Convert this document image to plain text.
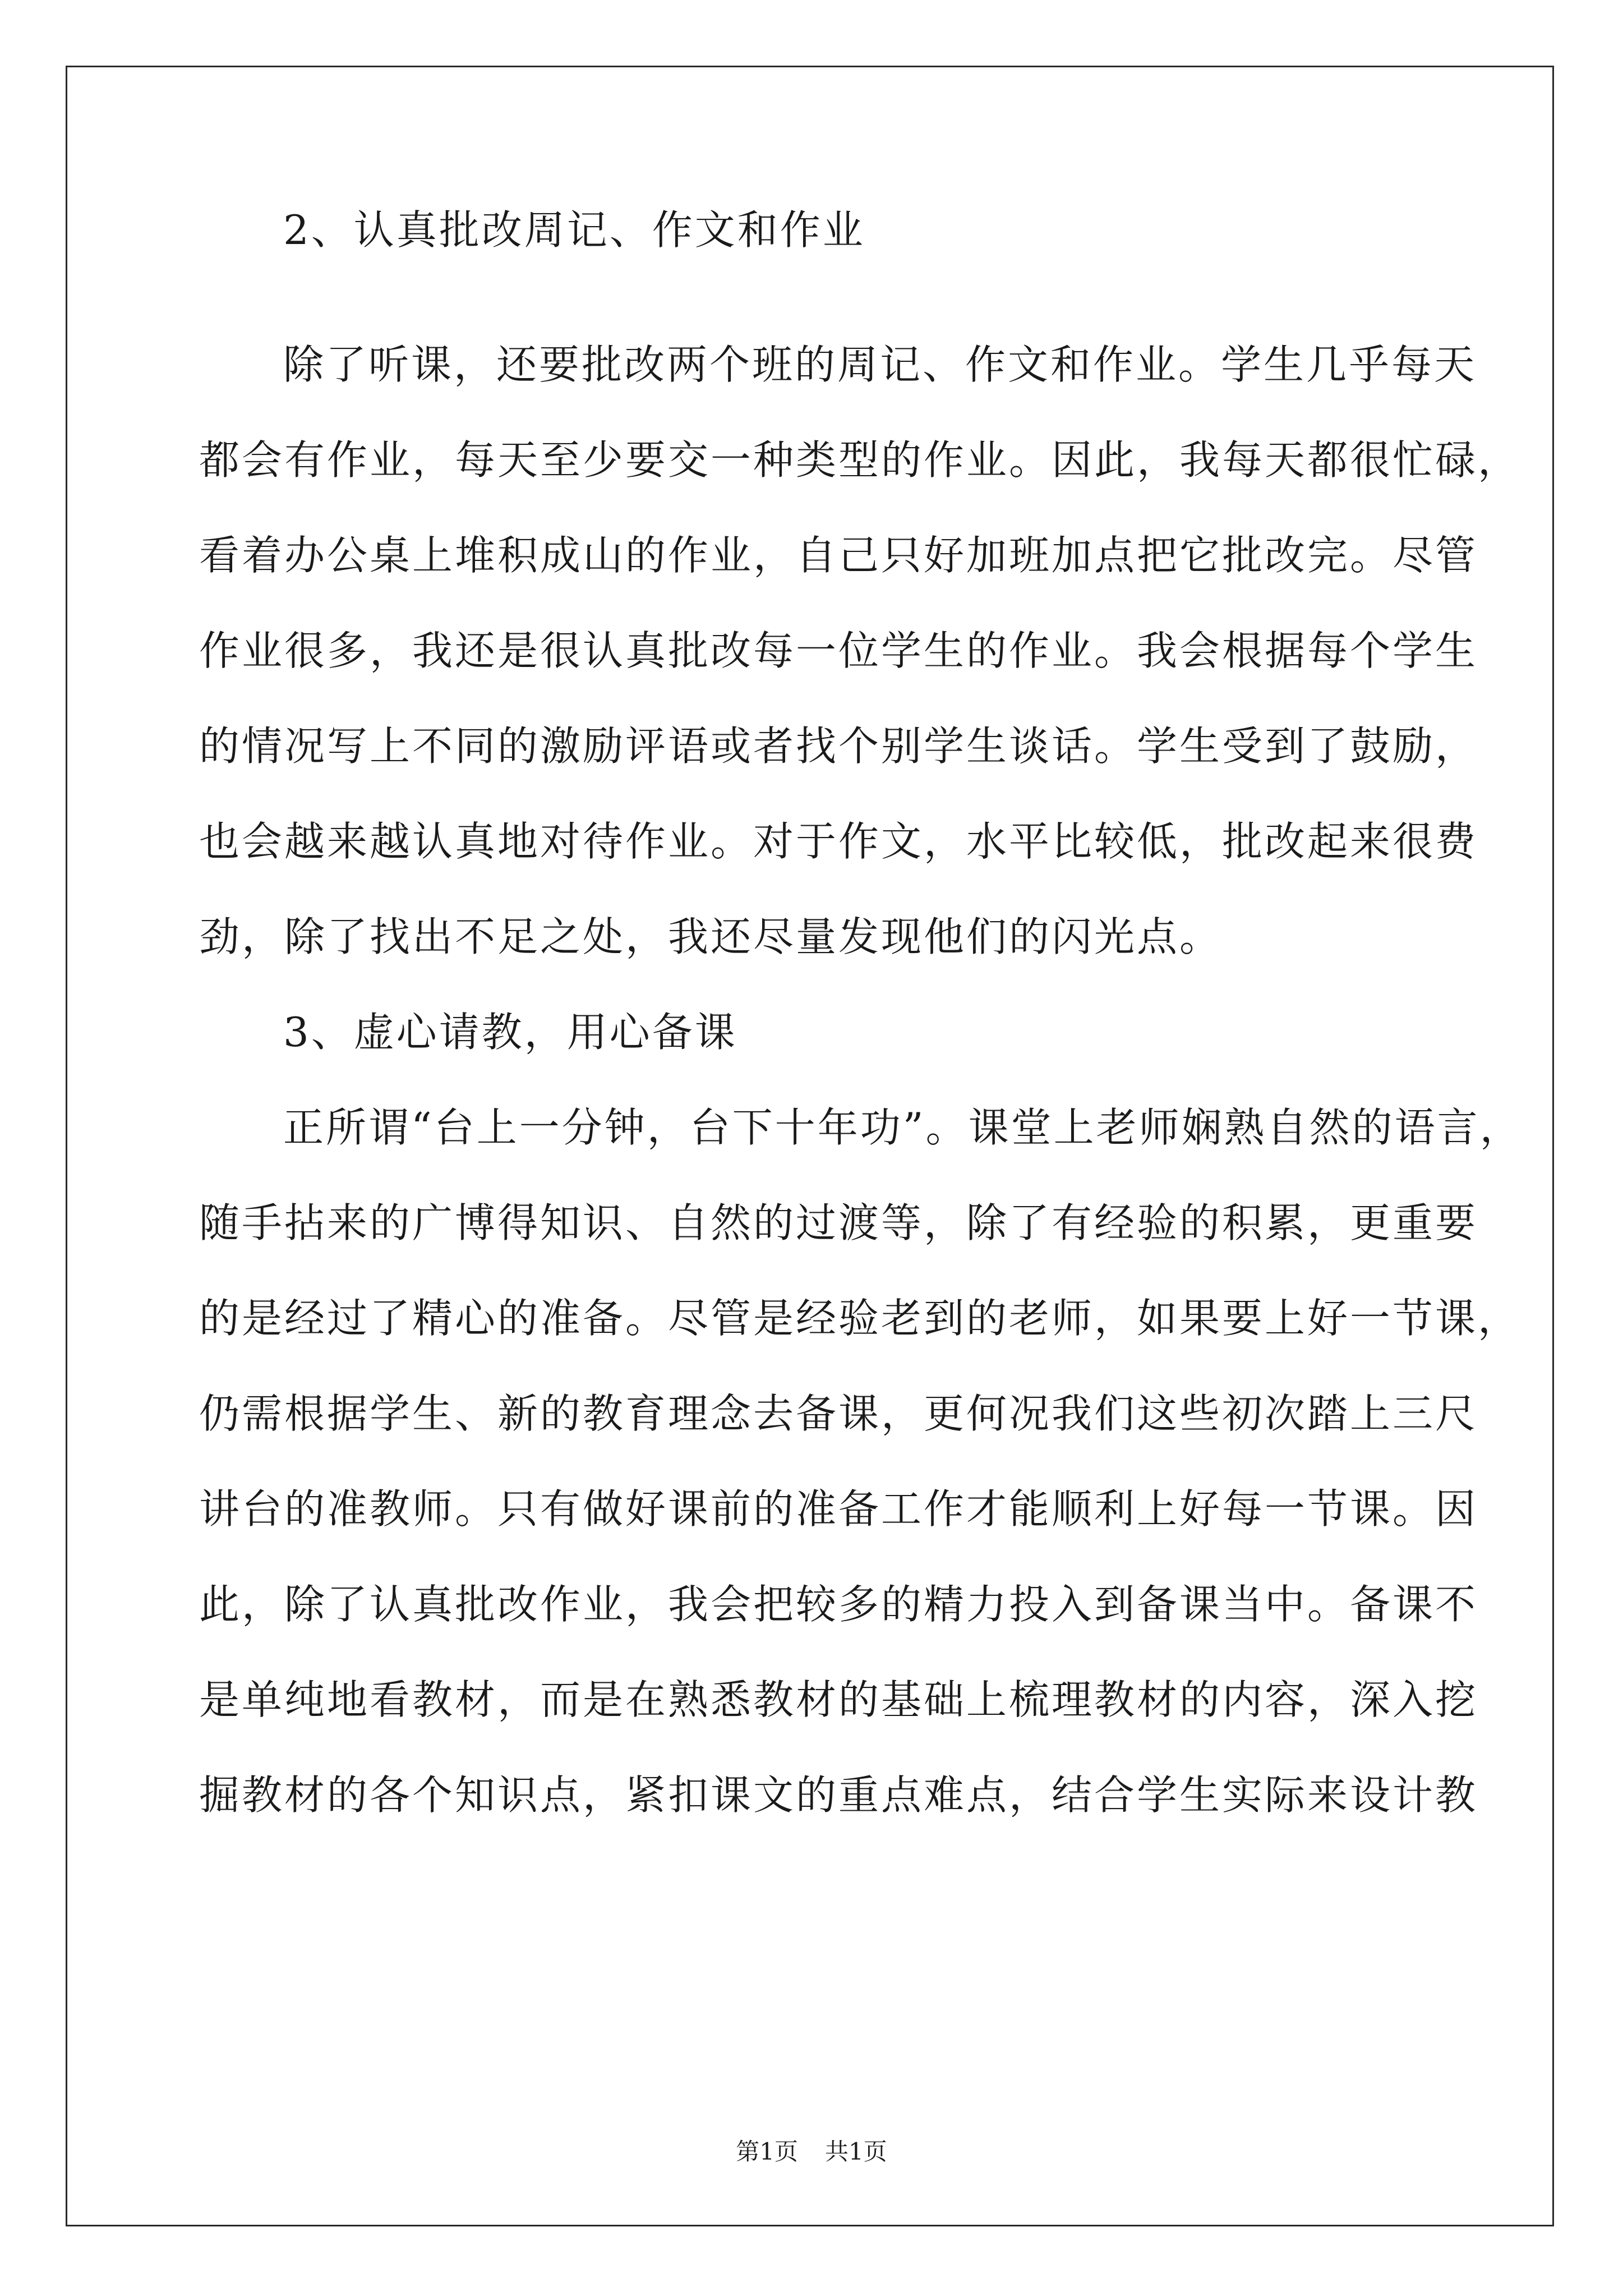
2、认真批改周记、作文和作业
除了听课，还要批改两个班的周记、作文和作业。学生几乎每天
都会有作业，每天至少要交一种类型的作业。因此，我每天都很忙碌，
看着办公桌上堆积成山的作业，自己只好加班加点把它批改完。尽管
作业很多，我还是很认真批改每一位学生的作业。我会根据每个学生
的情况写上不同的激励评语或者找个别学生谈话。学生受到了鼓励，
也会越来越认真地对待作业。对于作文，水平比较低，批改起来很费
劲，除了找出不足之处，我还尽量发现他们的闪光点。
3、虚心请教，用心备课
正所谓“台上一分钟，台下十年功”。课堂上老师娴熟自然的语言，
随手拈来的广博得知识、自然的过渡等，除了有经验的积累，更重要
的是经过了精心的准备。尽管是经验老到的老师，如果要上好一节课，
仍需根据学生、新的教育理念去备课，更何况我们这些初次踏上三尺
讲台的准教师。只有做好课前的准备工作才能顺利上好每一节课。因
此，除了认真批改作业，我会把较多的精力投入到备课当中。备课不
是单纯地看教材，而是在熟悉教材的基础上梳理教材的内容，深入挖
掘教材的各个知识点，紧扣课文的重点难点，结合学生实际来设计教
第1页 共1页
